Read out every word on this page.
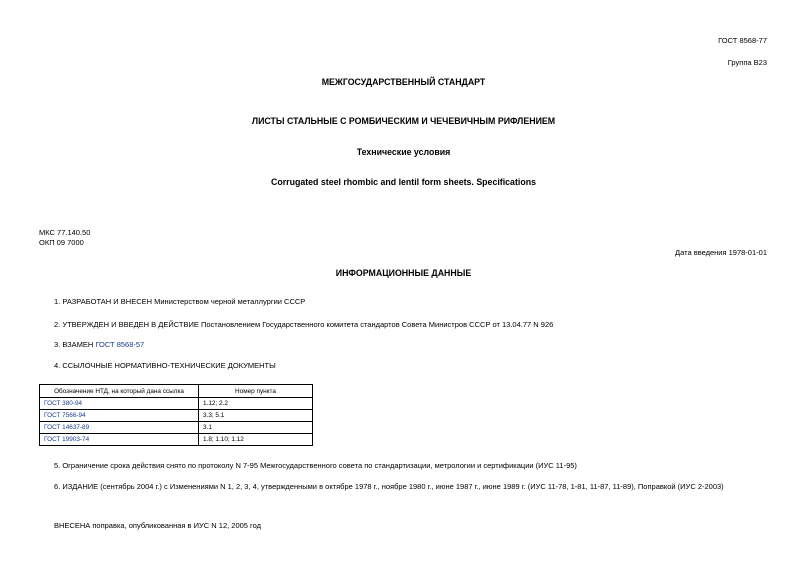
ГОСТ 8568-77
Группа В23
МЕЖГОСУДАРСТВЕННЫЙ СТАНДАРТ
ЛИСТЫ СТАЛЬНЫЕ С РОМБИЧЕСКИМ И ЧЕЧЕВИЧНЫМ РИФЛЕНИЕМ
Технические условия
Corrugated steel rhombic and lentil form sheets. Specifications
МКС 77.140.50
ОКП 09 7000
Дата введения 1978-01-01
ИНФОРМАЦИОННЫЕ ДАННЫЕ
1. РАЗРАБОТАН И ВНЕСЕН Министерством черной металлургии СССР
2. УТВЕРЖДЕН И ВВЕДЕН В ДЕЙСТВИЕ Постановлением Государственного комитета стандартов Совета Министров СССР от 13.04.77 N 926
3. ВЗАМЕН ГОСТ 8568-57
4. ССЫЛОЧНЫЕ НОРМАТИВНО-ТЕХНИЧЕСКИЕ ДОКУМЕНТЫ
Обозначение НТД, на который дана ссылка	Номер пункта
ГОСТ 380-94	1.12; 2.2
ГОСТ 7566-94	3.3; 5.1
ГОСТ 14637-89	3.1
ГОСТ 19903-74	1.8; 1.10; 1.12
5. Ограничение срока действия снято по протоколу N 7-95 Межгосударственного совета по стандартизации, метрологии и сертификации (ИУС 11-95)
6. ИЗДАНИЕ (сентябрь 2004 г.) с Изменениями N 1, 2, 3, 4, утвержденными в октябре 1978 г., ноябре 1980 г., июне 1987 г., июне 1989 г. (ИУС 11-78, 1-81, 11-87, 11-89), Поправкой (ИУС 2-2003)
ВНЕСЕНА поправка, опубликованная в ИУС N 12, 2005 год
